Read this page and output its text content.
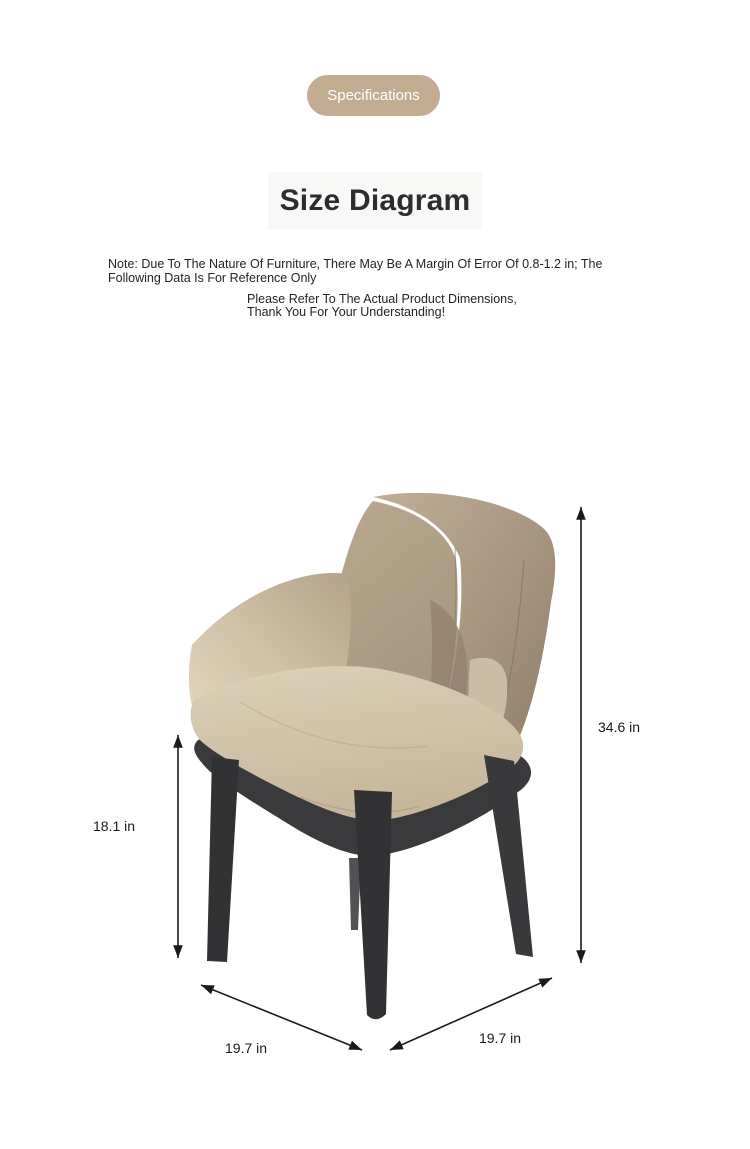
Specifications
Size Diagram
Note: Due To The Nature Of Furniture, There May Be A Margin Of Error Of 0.8-1.2 in; The Following Data Is For Reference Only
Please Refer To The Actual Product Dimensions,
Thank You For Your Understanding!
34.6 in
18.1 in
19.7 in
19.7 in
